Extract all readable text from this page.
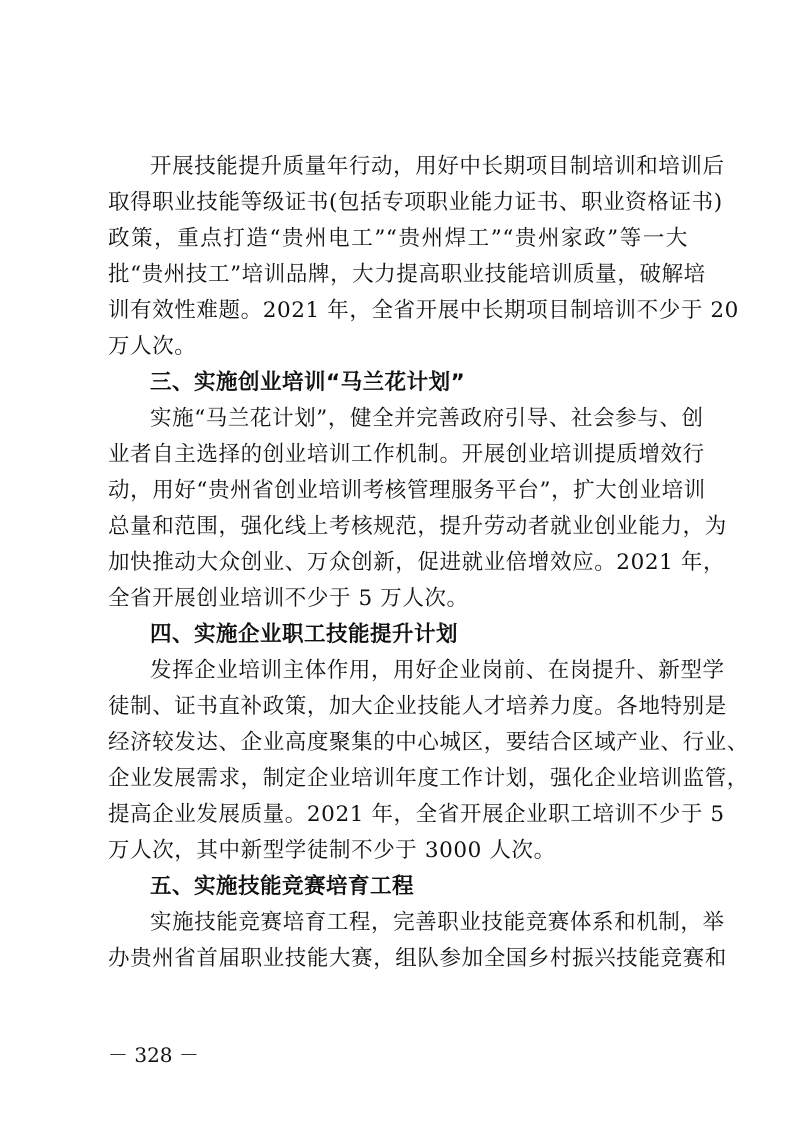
开展技能提升质量年行动，用好中长期项目制培训和培训后
取得职业技能等级证书(包括专项职业能力证书、职业资格证书)
政策，重点打造“贵州电工”“贵州焊工”“贵州家政”等一大
批“贵州技工”培训品牌，大力提高职业技能培训质量，破解培
训有效性难题。2021 年，全省开展中长期项目制培训不少于 20
万人次。
三、实施创业培训“马兰花计划”
实施“马兰花计划”，健全并完善政府引导、社会参与、创
业者自主选择的创业培训工作机制。开展创业培训提质增效行
动，用好“贵州省创业培训考核管理服务平台”，扩大创业培训
总量和范围，强化线上考核规范，提升劳动者就业创业能力，为
加快推动大众创业、万众创新，促进就业倍增效应。2021 年，
全省开展创业培训不少于 5 万人次。
四、实施企业职工技能提升计划
发挥企业培训主体作用，用好企业岗前、在岗提升、新型学
徒制、证书直补政策，加大企业技能人才培养力度。各地特别是
经济较发达、企业高度聚集的中心城区，要结合区域产业、行业、
企业发展需求，制定企业培训年度工作计划，强化企业培训监管，
提高企业发展质量。2021 年，全省开展企业职工培训不少于 5
万人次，其中新型学徒制不少于 3000 人次。
五、实施技能竞赛培育工程
实施技能竞赛培育工程，完善职业技能竞赛体系和机制，举
办贵州省首届职业技能大赛，组队参加全国乡村振兴技能竞赛和
－ 328 －
